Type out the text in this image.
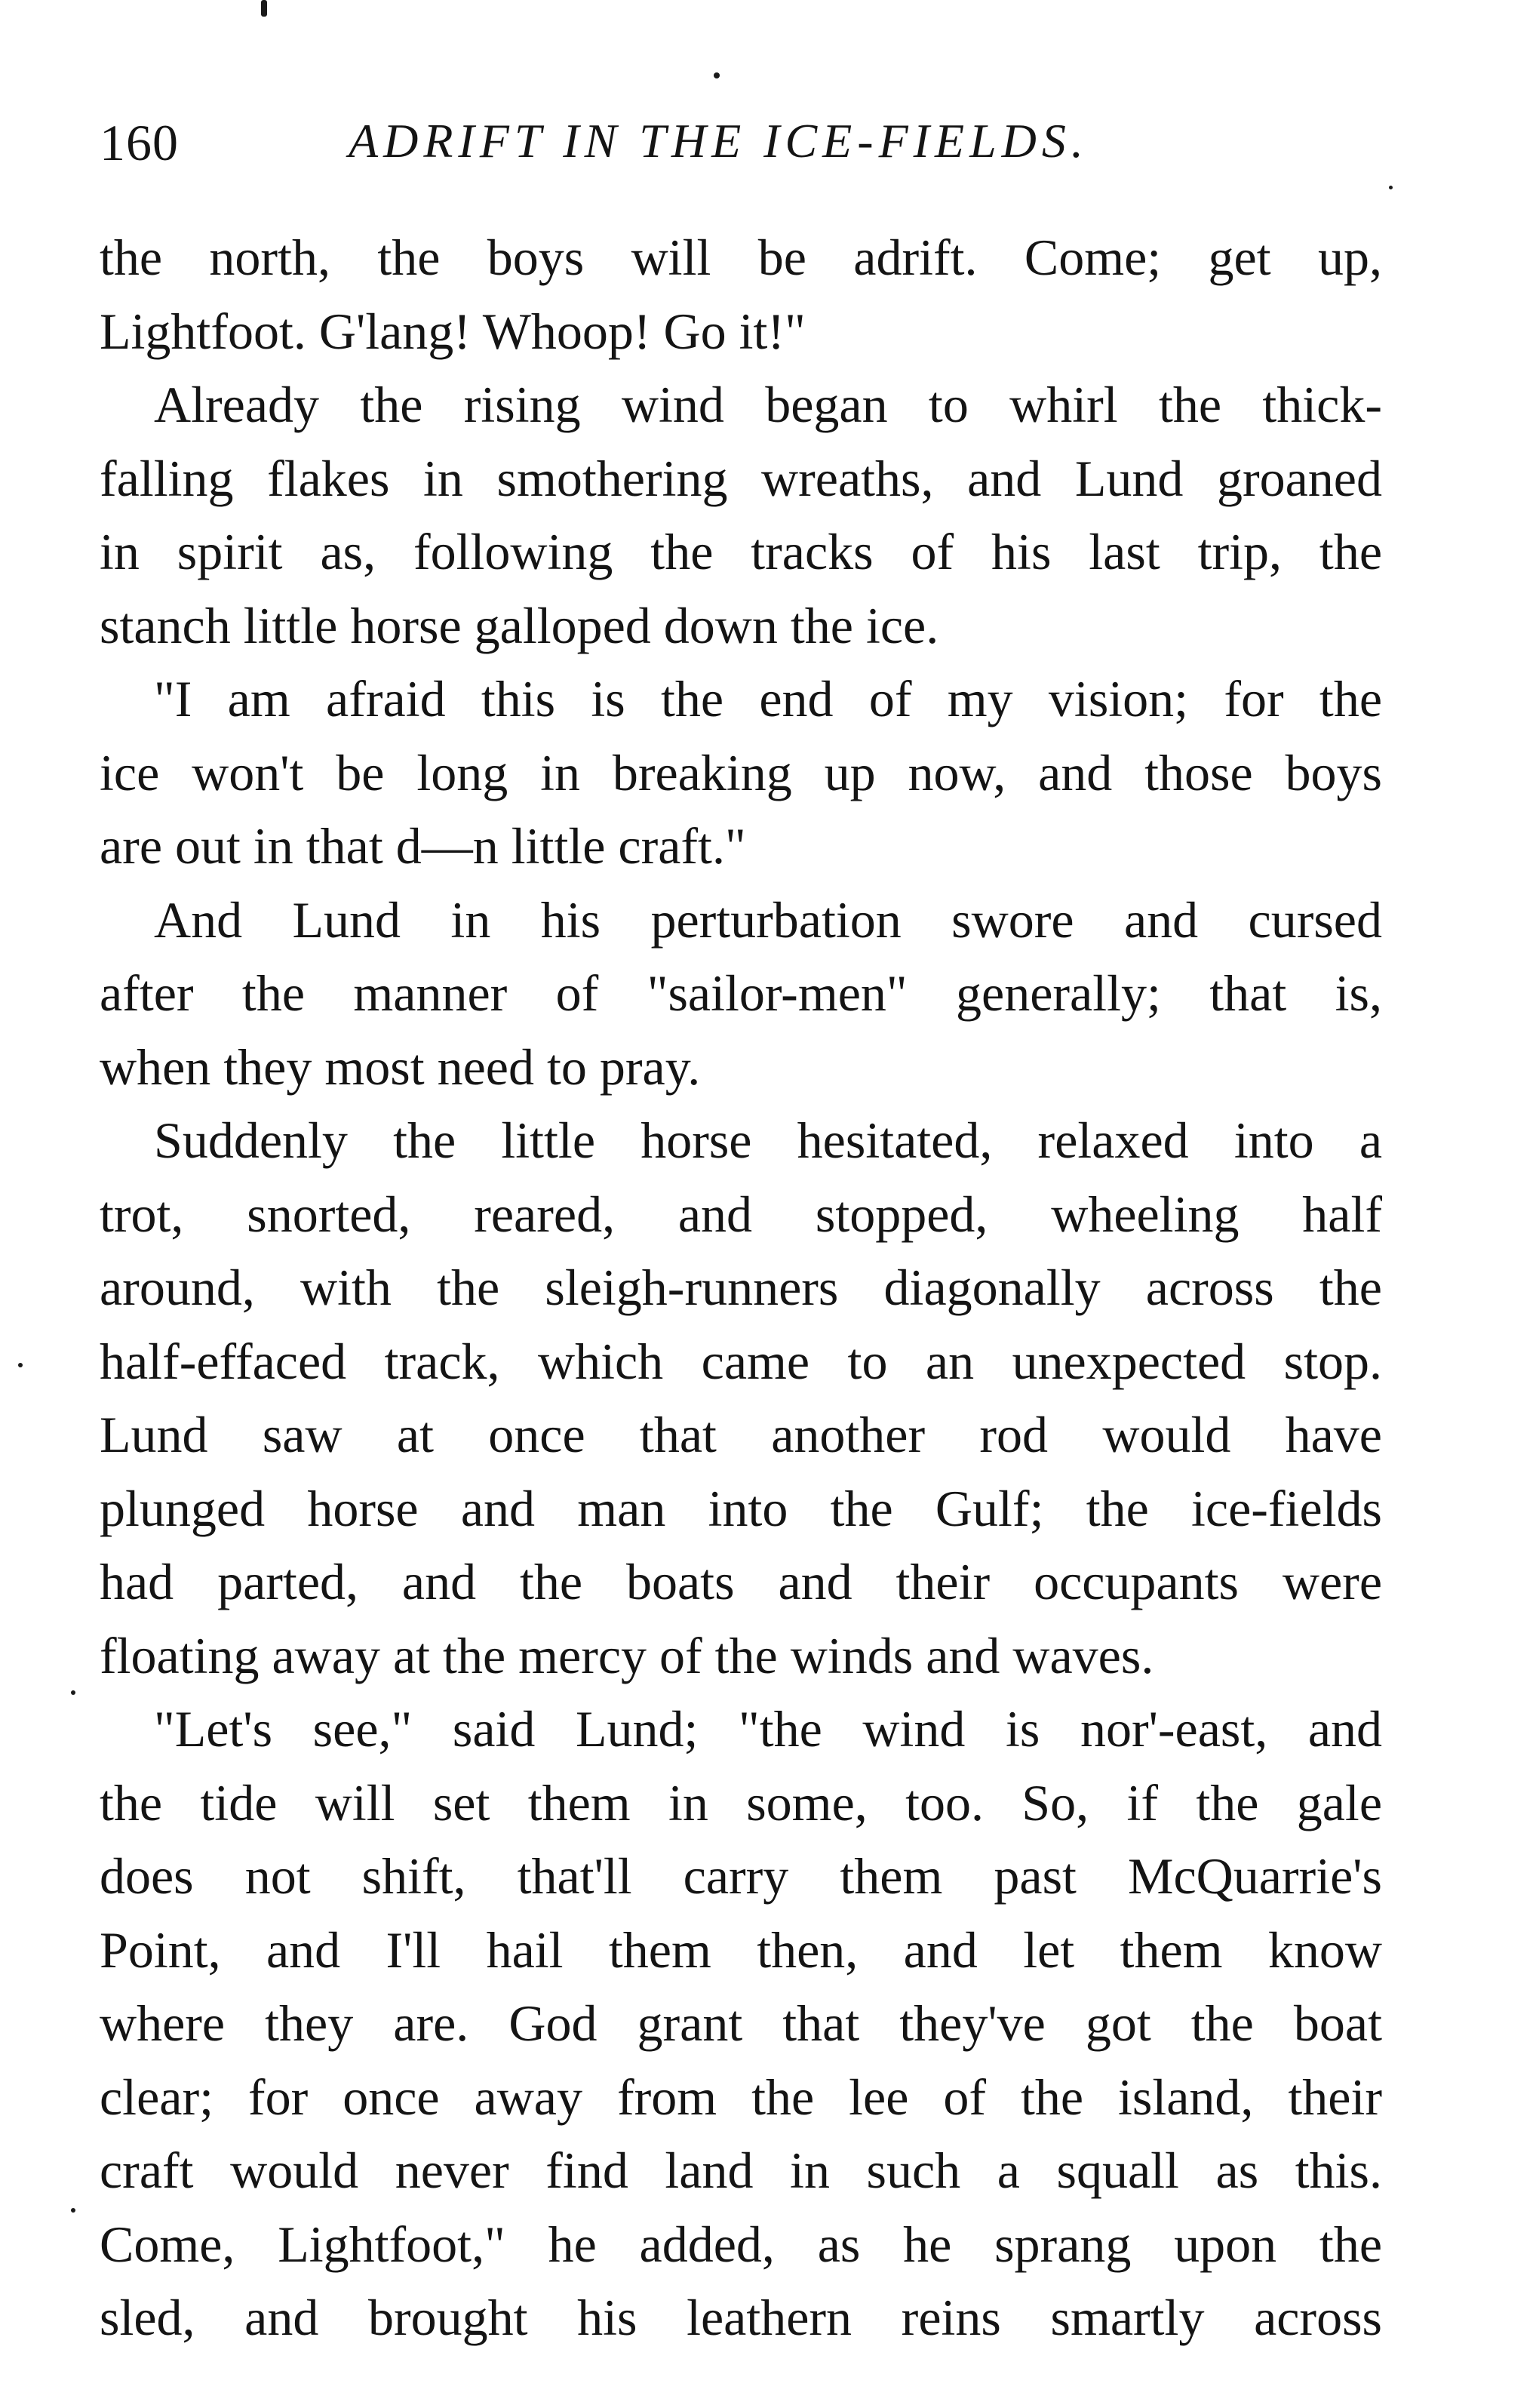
160	ADRIFT IN THE ICE-FIELDS.
the north, the boys will be adrift. Come; get up,
Lightfoot. G'lang! Whoop! Go it!"
Already the rising wind began to whirl the thick-
falling flakes in smothering wreaths, and Lund groaned
in spirit as, following the tracks of his last trip, the
stanch little horse galloped down the ice.
"I am afraid this is the end of my vision; for the
ice won't be long in breaking up now, and those boys
are out in that d—n little craft."
And Lund in his perturbation swore and cursed
after the manner of "sailor-men" generally; that is,
when they most need to pray.
Suddenly the little horse hesitated, relaxed into a
trot, snorted, reared, and stopped, wheeling half
around, with the sleigh-runners diagonally across the
half-effaced track, which came to an unexpected stop.
Lund saw at once that another rod would have
plunged horse and man into the Gulf; the ice-fields
had parted, and the boats and their occupants were
floating away at the mercy of the winds and waves.
"Let's see," said Lund; "the wind is nor'-east, and
the tide will set them in some, too. So, if the gale
does not shift, that'll carry them past McQuarrie's
Point, and I'll hail them then, and let them know
where they are. God grant that they've got the boat
clear; for once away from the lee of the island, their
craft would never find land in such a squall as this.
Come, Lightfoot," he added, as he sprang upon the
sled, and brought his leathern reins smartly across
